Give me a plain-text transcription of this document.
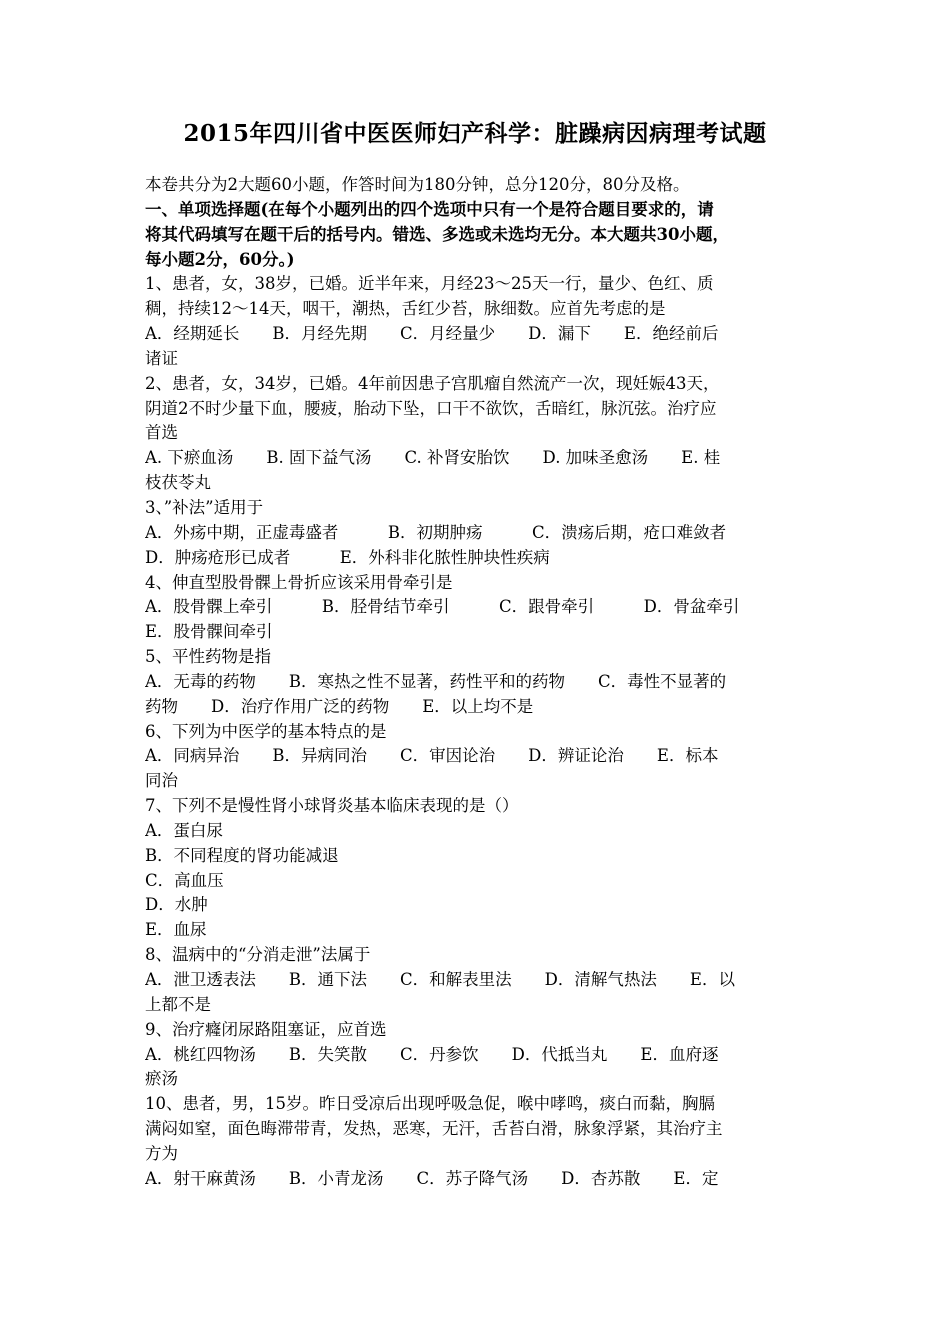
2015年四川省中医医师妇产科学：脏躁病因病理考试题
本卷共分为2大题60小题，作答时间为180分钟，总分120分，80分及格。
一、单项选择题(在每个小题列出的四个选项中只有一个是符合题目要求的，请
将其代码填写在题干后的括号内。错选、多选或未选均无分。本大题共30小题，
每小题2分，60分。)
1、患者，女，38岁，已婚。近半年来，月经23～25天一行，量少、色红、质
稠，持续12～14天，咽干，潮热，舌红少苔，脉细数。应首先考虑的是
A．经期延长　　B．月经先期　　C．月经量少　　D．漏下　　E．绝经前后
诸证
2、患者，女，34岁，已婚。4年前因患子宫肌瘤自然流产一次，现妊娠43天，
阴道2不时少量下血，腰疲，胎动下坠，口干不欲饮，舌暗红，脉沉弦。治疗应
首选
A. 下瘀血汤　　B. 固下益气汤　　C. 补肾安胎饮　　D. 加味圣愈汤　　E. 桂
枝茯苓丸
3、”补法”适用于
A．外疡中期，正虚毒盛者　　　B．初期肿疡　　　C．溃疡后期，疮口难敛者
D．肿疡疮形已成者　　　E．外科非化脓性肿块性疾病
4、伸直型股骨髁上骨折应该采用骨牵引是
A．股骨髁上牵引　　　B．胫骨结节牵引　　　C．跟骨牵引　　　D．骨盆牵引
E．股骨髁间牵引
5、平性药物是指
A．无毒的药物　　B．寒热之性不显著，药性平和的药物　　C．毒性不显著的
药物　　D．治疗作用广泛的药物　　E．以上均不是
6、下列为中医学的基本特点的是
A．同病异治　　B．异病同治　　C．审因论治　　D．辨证论治　　E．标本
同治
7、下列不是慢性肾小球肾炎基本临床表现的是（）
A．蛋白尿
B．不同程度的肾功能减退
C．高血压
D．水肿
E．血尿
8、温病中的“分消走泄”法属于
A．泄卫透表法　　B．通下法　　C．和解表里法　　D．清解气热法　　E．以
上都不是
9、治疗癃闭尿路阻塞证，应首选
A．桃红四物汤　　B．失笑散　　C．丹参饮　　D．代抵当丸　　E．血府逐
瘀汤
10、患者，男，15岁。昨日受凉后出现呼吸急促，喉中哮鸣，痰白而黏，胸膈
满闷如窒，面色晦滞带青，发热，恶寒，无汗，舌苔白滑，脉象浮紧，其治疗主
方为
A．射干麻黄汤　　B．小青龙汤　　C．苏子降气汤　　D．杏苏散　　E．定
